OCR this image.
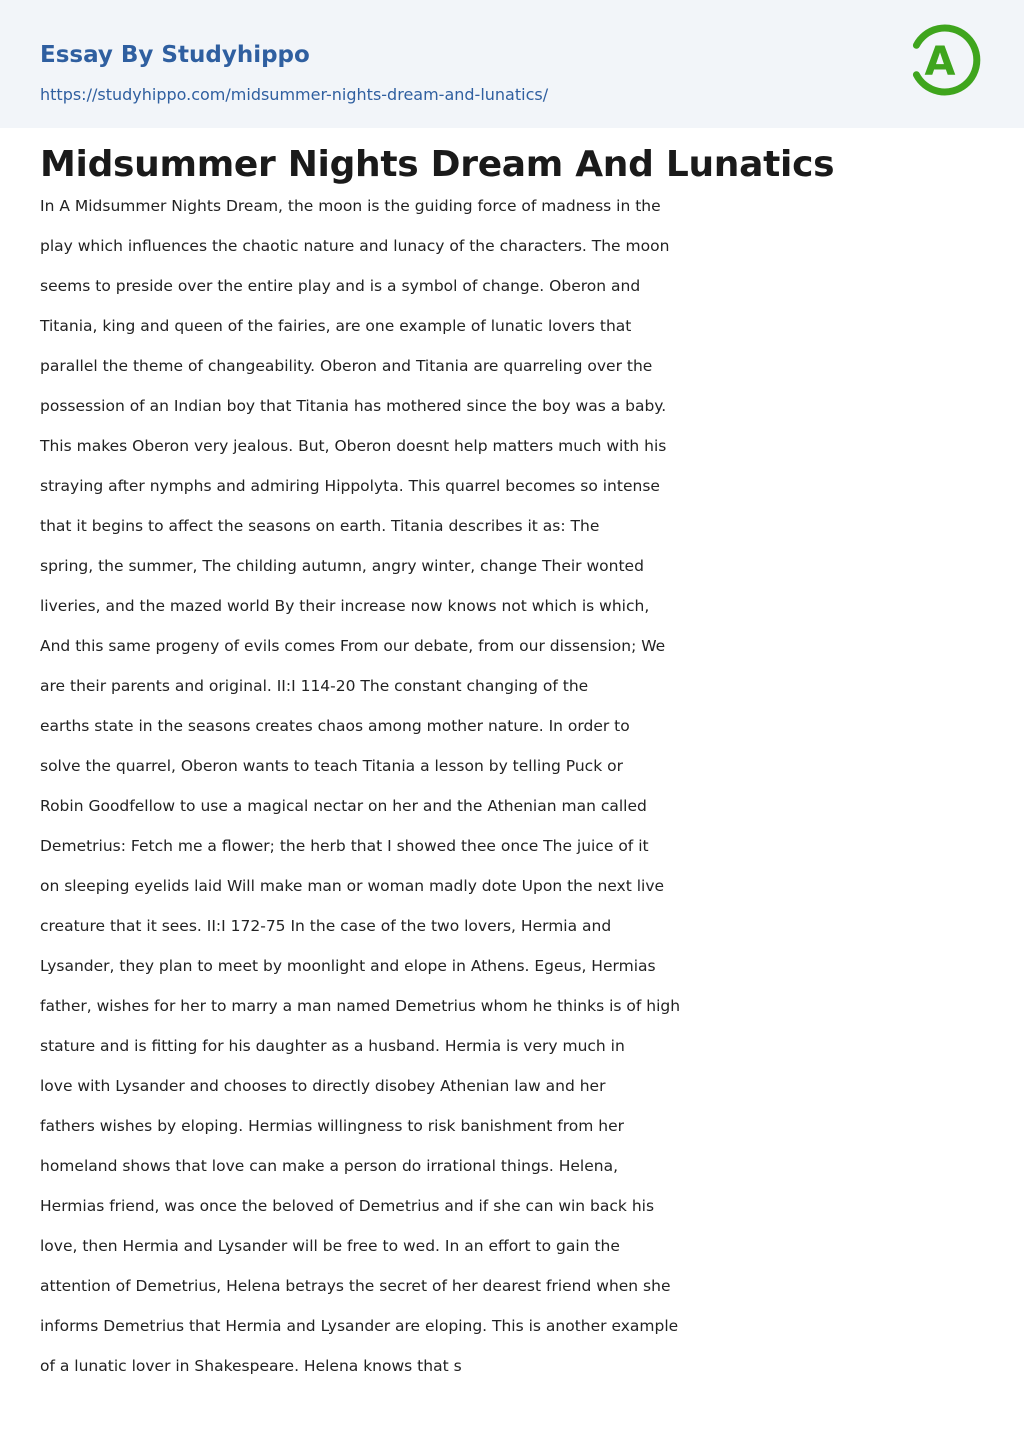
Essay By Studyhippo
https://studyhippo.com/midsummer-nights-dream-and-lunatics/
A
Midsummer Nights Dream And Lunatics
In A Midsummer Nights Dream, the moon is the guiding force of madness in the
play which influences the chaotic nature and lunacy of the characters. The moon
seems to preside over the entire play and is a symbol of change. Oberon and
Titania, king and queen of the fairies, are one example of lunatic lovers that
parallel the theme of changeability. Oberon and Titania are quarreling over the
possession of an Indian boy that Titania has mothered since the boy was a baby.
This makes Oberon very jealous. But, Oberon doesnt help matters much with his
straying after nymphs and admiring Hippolyta. This quarrel becomes so intense
that it begins to affect the seasons on earth. Titania describes it as: The
spring, the summer, The childing autumn, angry winter, change Their wonted
liveries, and the mazed world By their increase now knows not which is which,
And this same progeny of evils comes From our debate, from our dissension; We
are their parents and original. II:I 114-20 The constant changing of the
earths state in the seasons creates chaos among mother nature. In order to
solve the quarrel, Oberon wants to teach Titania a lesson by telling Puck or
Robin Goodfellow to use a magical nectar on her and the Athenian man called
Demetrius: Fetch me a flower; the herb that I showed thee once The juice of it
on sleeping eyelids laid Will make man or woman madly dote Upon the next live
creature that it sees. II:I 172-75 In the case of the two lovers, Hermia and
Lysander, they plan to meet by moonlight and elope in Athens. Egeus, Hermias
father, wishes for her to marry a man named Demetrius whom he thinks is of high
stature and is fitting for his daughter as a husband. Hermia is very much in
love with Lysander and chooses to directly disobey Athenian law and her
fathers wishes by eloping. Hermias willingness to risk banishment from her
homeland shows that love can make a person do irrational things. Helena,
Hermias friend, was once the beloved of Demetrius and if she can win back his
love, then Hermia and Lysander will be free to wed. In an effort to gain the
attention of Demetrius, Helena betrays the secret of her dearest friend when she
informs Demetrius that Hermia and Lysander are eloping. This is another example
of a lunatic lover in Shakespeare. Helena knows that s
